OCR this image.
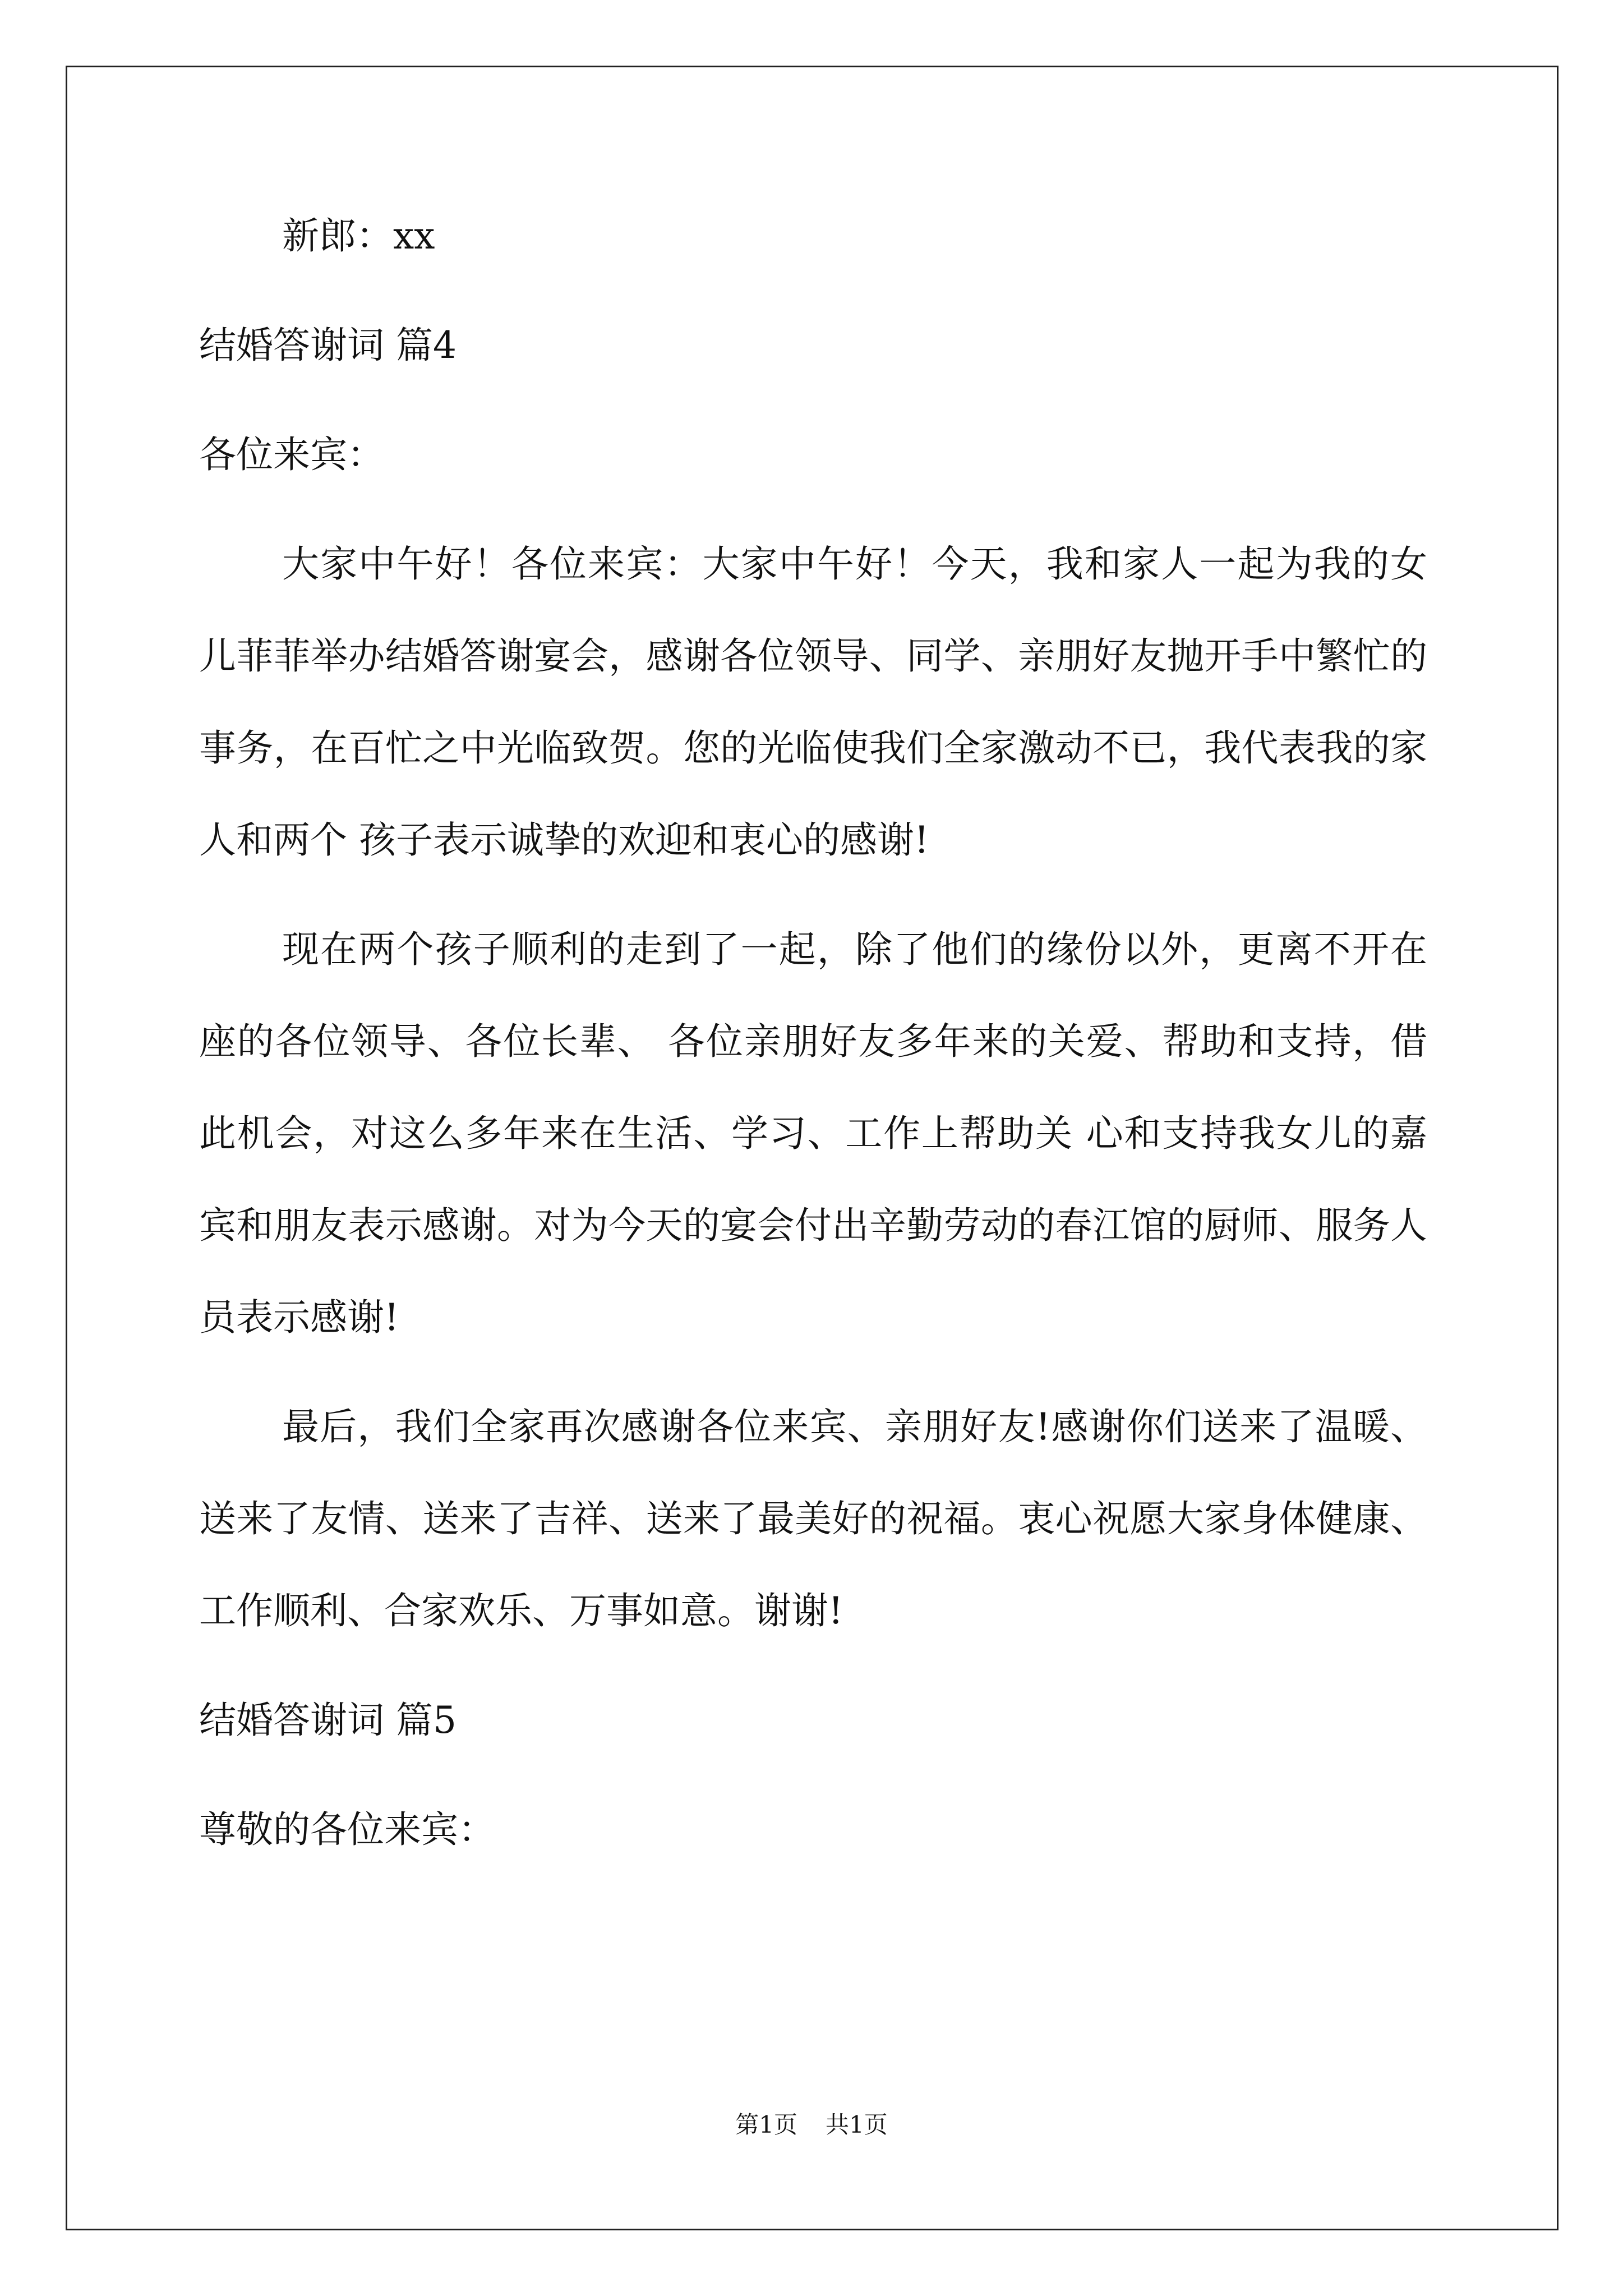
新郎：xx

结婚答谢词 篇4

各位来宾：

大家中午好！各位来宾：大家中午好！今天，我和家人一起为我的女儿菲菲举办结婚答谢宴会，感谢各位领导、同学、亲朋好友抛开手中繁忙的事务，在百忙之中光临致贺。您的光临使我们全家激动不已，我代表我的家人和两个 孩子表示诚挚的欢迎和衷心的感谢!

现在两个孩子顺利的走到了一起，除了他们的缘份以外，更离不开在座的各位领导、各位长辈、 各位亲朋好友多年来的关爱、帮助和支持，借此机会，对这么多年来在生活、学习、工作上帮助关 心和支持我女儿的嘉宾和朋友表示感谢。对为今天的宴会付出辛勤劳动的春江馆的厨师、服务人员表示感谢!

最后，我们全家再次感谢各位来宾、亲朋好友!感谢你们送来了温暖、送来了友情、送来了吉祥、送来了最美好的祝福。衷心祝愿大家身体健康、工作顺利、合家欢乐、万事如意。谢谢!

结婚答谢词 篇5

尊敬的各位来宾：

第1页 共1页
